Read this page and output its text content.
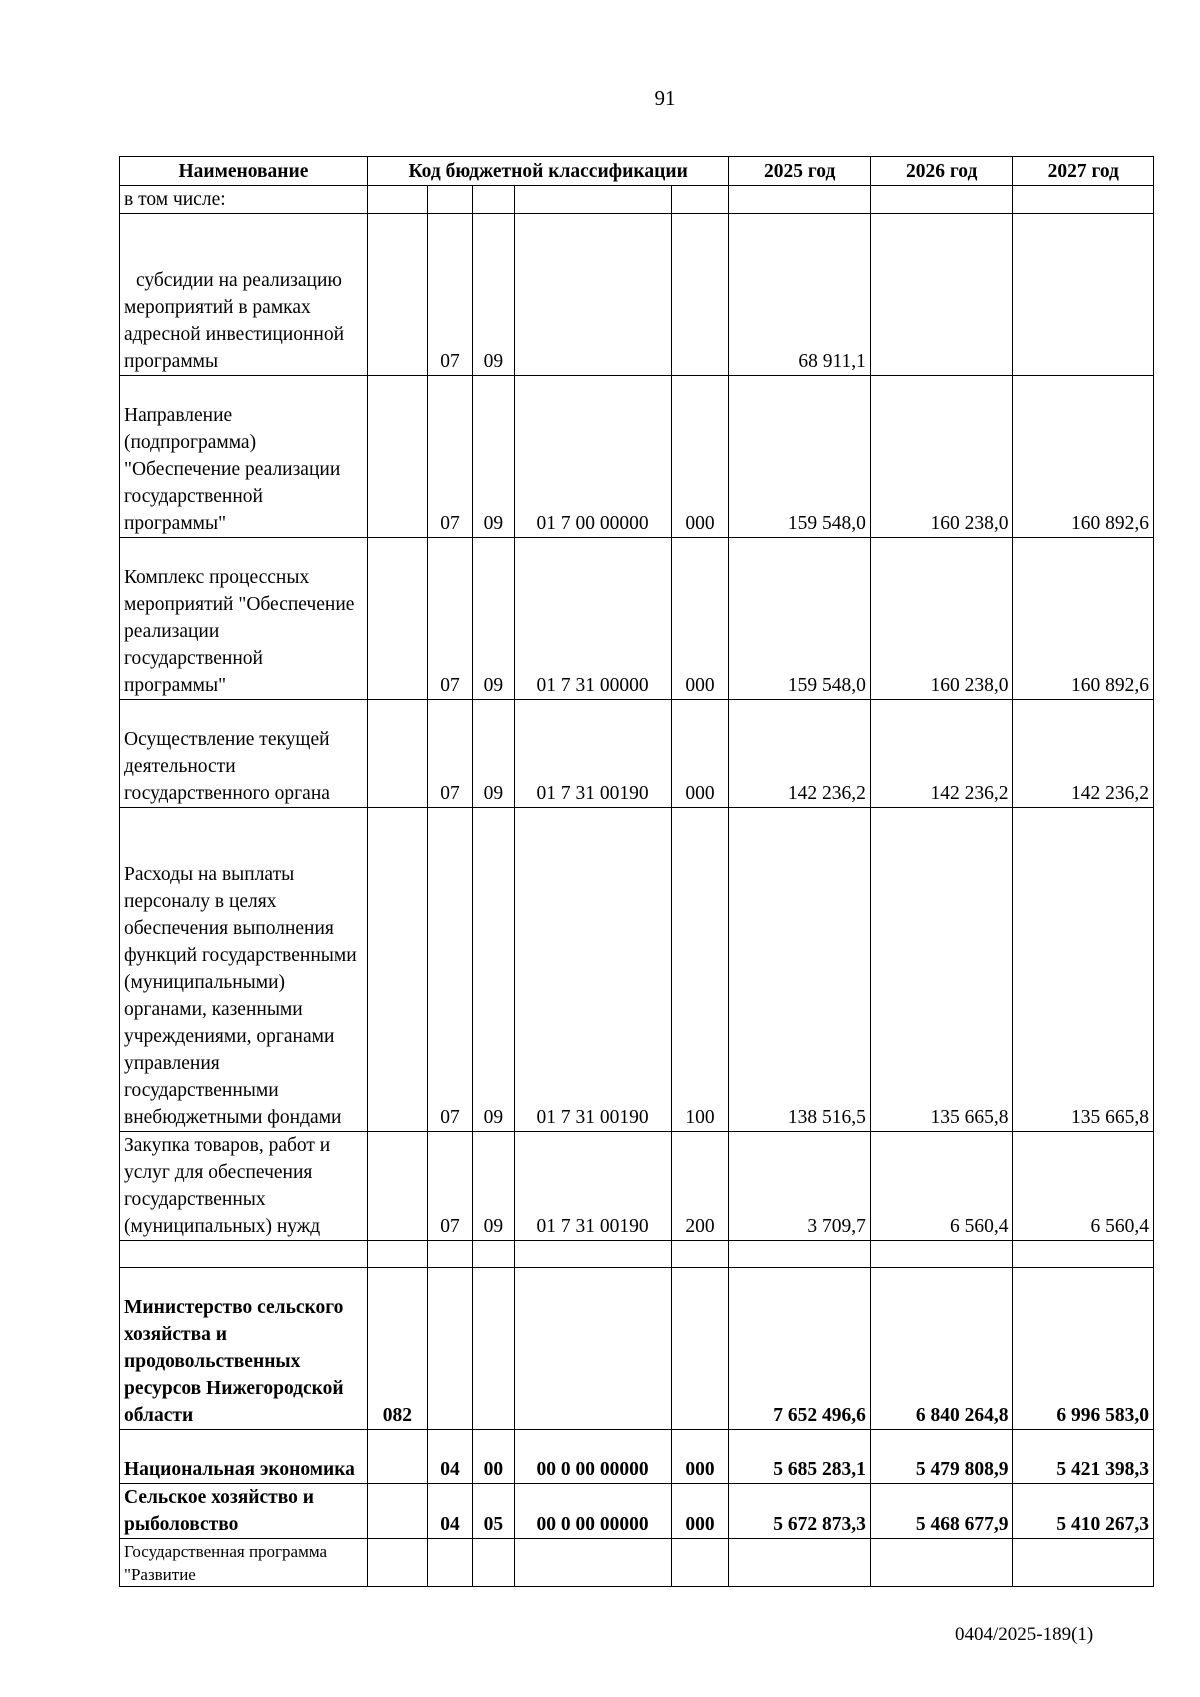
91
Наименование	Код бюджетной классификации					2025 год	2026 год	2027 год
в том числе:								
субсидии на реализацию мероприятий в рамках адресной инвестиционной программы		07	09			68 911,1		
Направление (подпрограмма) "Обеспечение реализации государственной программы"		07	09	01 7 00 00000	000	159 548,0	160 238,0	160 892,6
Комплекс процессных мероприятий "Обеспечение реализации государственной программы"		07	09	01 7 31 00000	000	159 548,0	160 238,0	160 892,6
Осуществление текущей деятельности государственного органа		07	09	01 7 31 00190	000	142 236,2	142 236,2	142 236,2
Расходы на выплаты персоналу в целях обеспечения выполнения функций государственными (муниципальными) органами, казенными учреждениями, органами управления государственными внебюджетными фондами		07	09	01 7 31 00190	100	138 516,5	135 665,8	135 665,8
Закупка товаров, работ и услуг для обеспечения государственных (муниципальных) нужд		07	09	01 7 31 00190	200	3 709,7	6 560,4	6 560,4

Министерство сельского хозяйства и продовольственных ресурсов Нижегородской области	082					7 652 496,6	6 840 264,8	6 996 583,0
Национальная экономика		04	00	00 0 00 00000	000	5 685 283,1	5 479 808,9	5 421 398,3
Сельское хозяйство и рыболовство		04	05	00 0 00 00000	000	5 672 873,3	5 468 677,9	5 410 267,3
Государственная программа "Развитие								
0404/2025-189(1)
